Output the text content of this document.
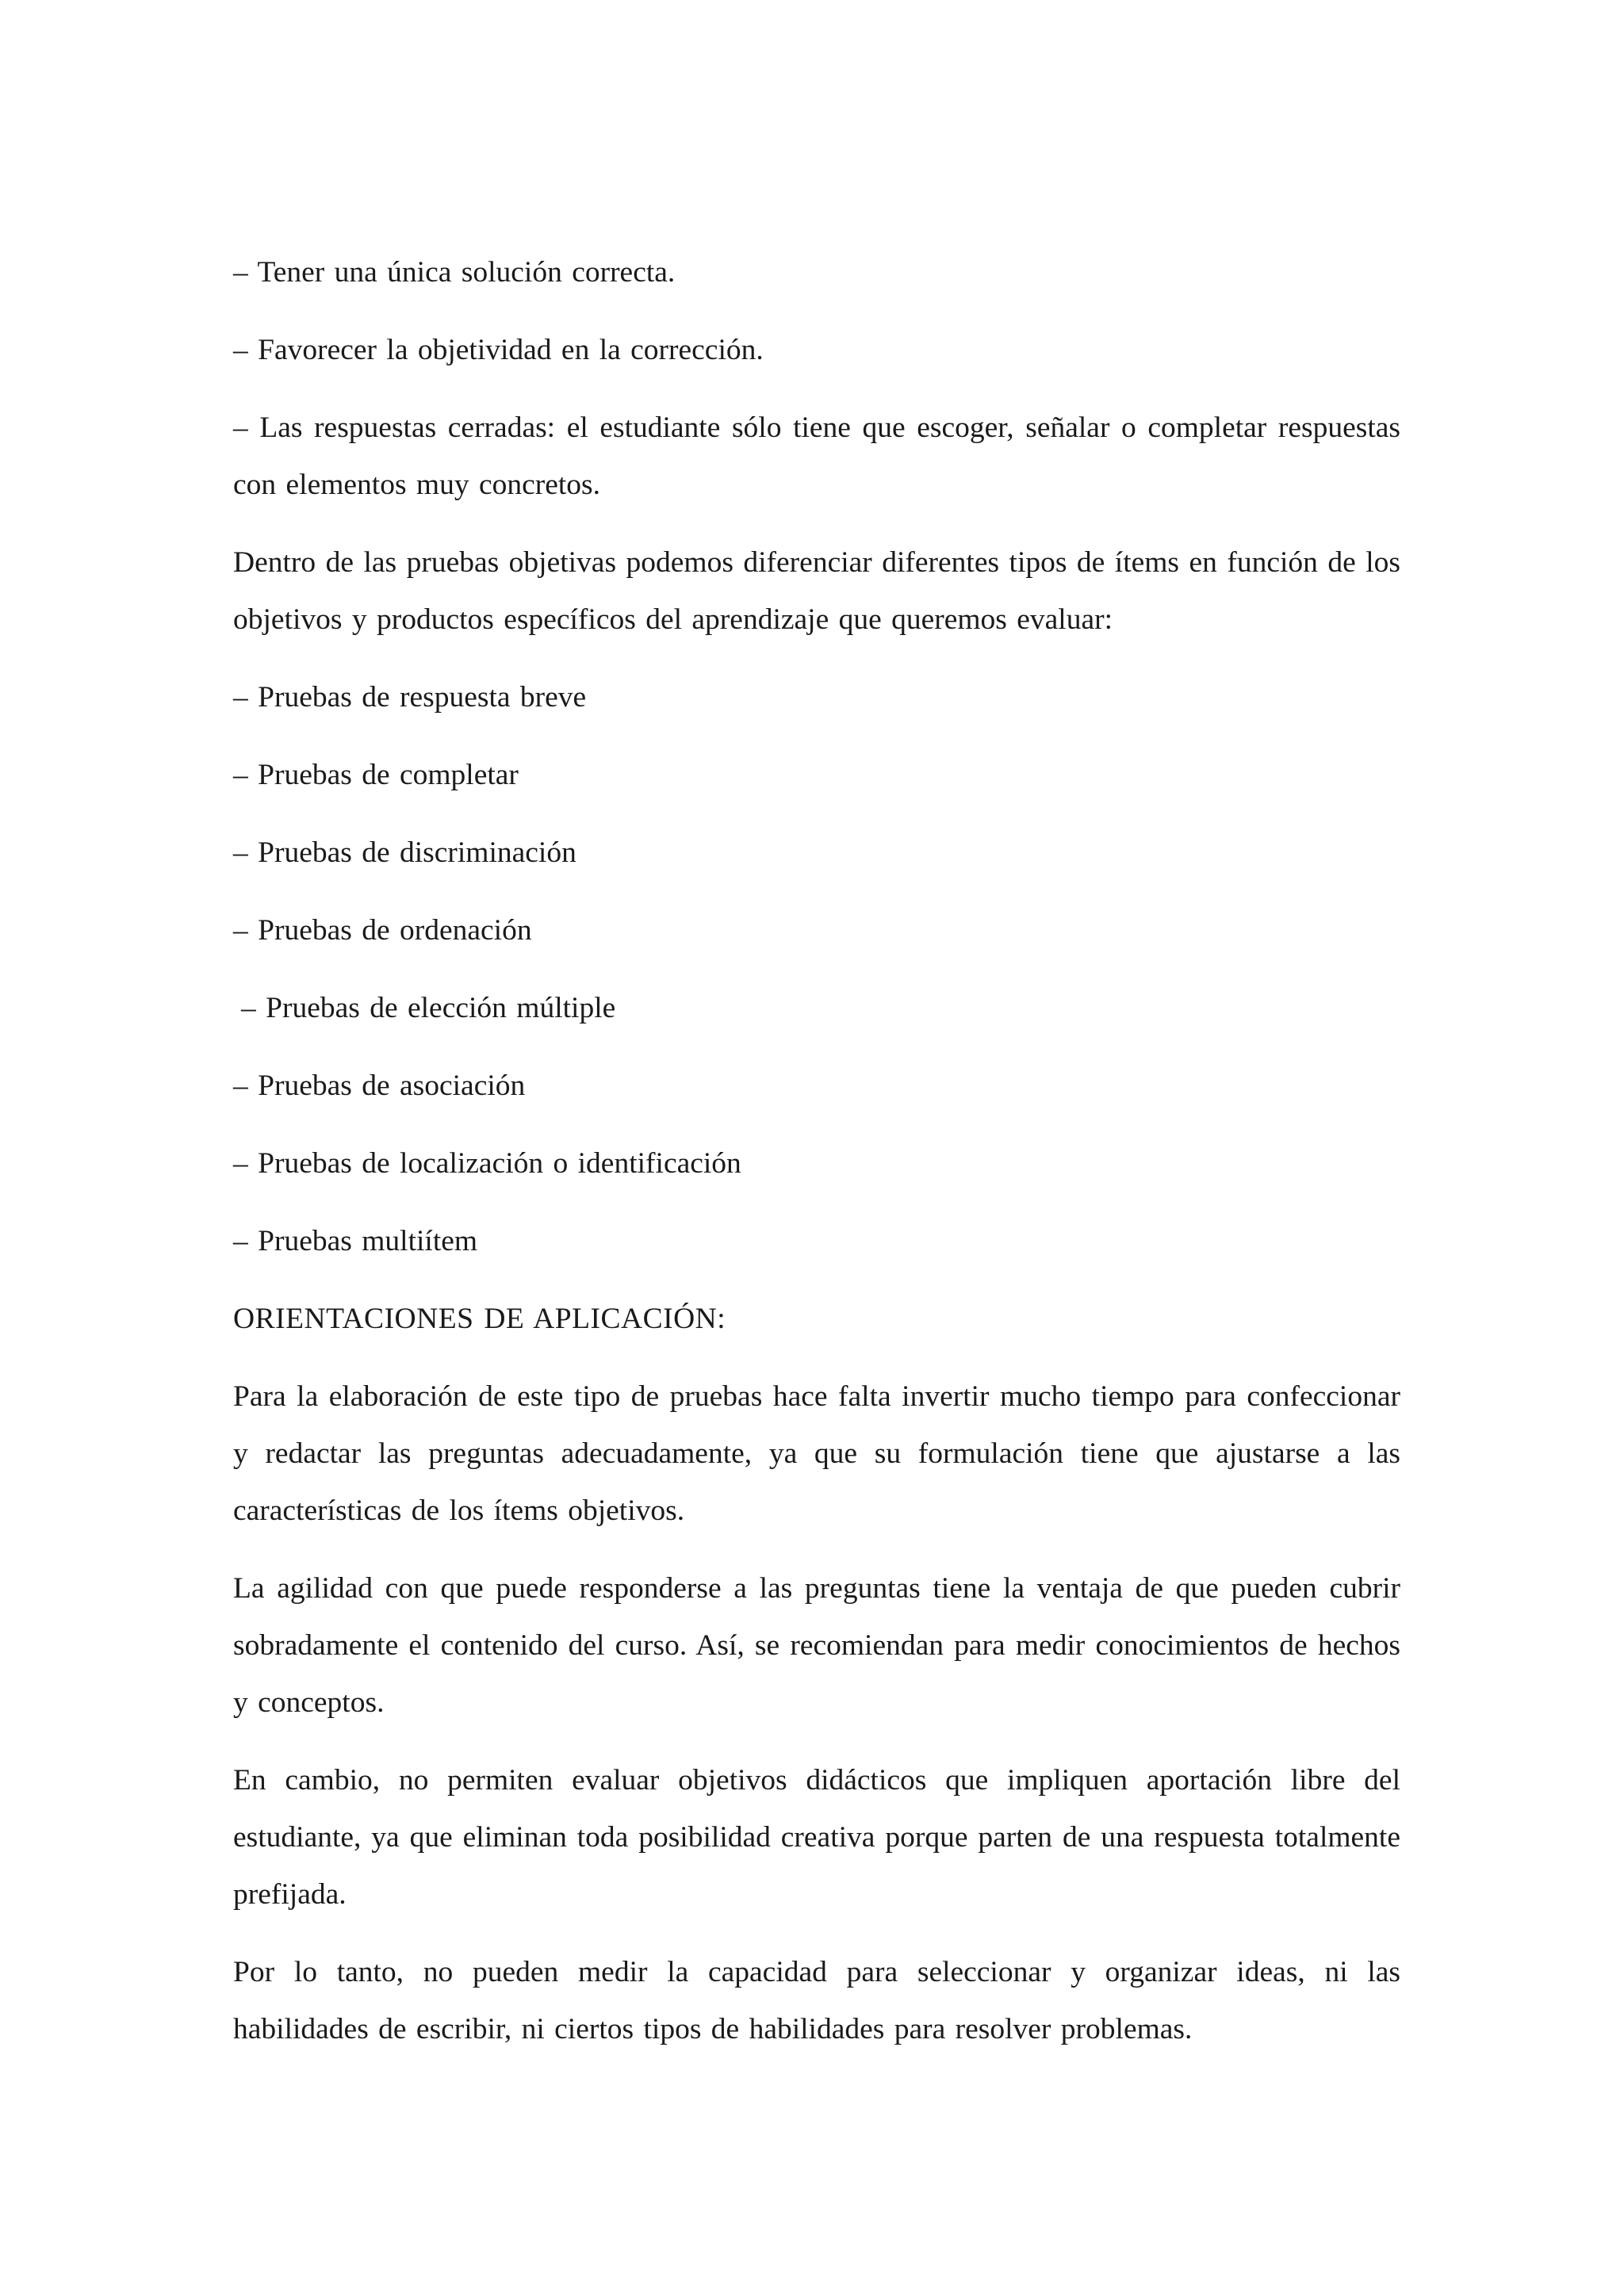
– Tener una única solución correcta.

– Favorecer la objetividad en la corrección.

– Las respuestas cerradas: el estudiante sólo tiene que escoger, señalar o completar respuestas con elementos muy concretos.

Dentro de las pruebas objetivas podemos diferenciar diferentes tipos de ítems en función de los objetivos y productos específicos del aprendizaje que queremos evaluar:

– Pruebas de respuesta breve

– Pruebas de completar

– Pruebas de discriminación

– Pruebas de ordenación

– Pruebas de elección múltiple

– Pruebas de asociación

– Pruebas de localización o identificación

– Pruebas multiítem

ORIENTACIONES DE APLICACIÓN:

Para la elaboración de este tipo de pruebas hace falta invertir mucho tiempo para confeccionar y redactar las preguntas adecuadamente, ya que su formulación tiene que ajustarse a las características de los ítems objetivos.

La agilidad con que puede responderse a las preguntas tiene la ventaja de que pueden cubrir sobradamente el contenido del curso. Así, se recomiendan para medir conocimientos de hechos y conceptos.

En cambio, no permiten evaluar objetivos didácticos que impliquen aportación libre del estudiante, ya que eliminan toda posibilidad creativa porque parten de una respuesta totalmente prefijada.

Por lo tanto, no pueden medir la capacidad para seleccionar y organizar ideas, ni las habilidades de escribir, ni ciertos tipos de habilidades para resolver problemas.
